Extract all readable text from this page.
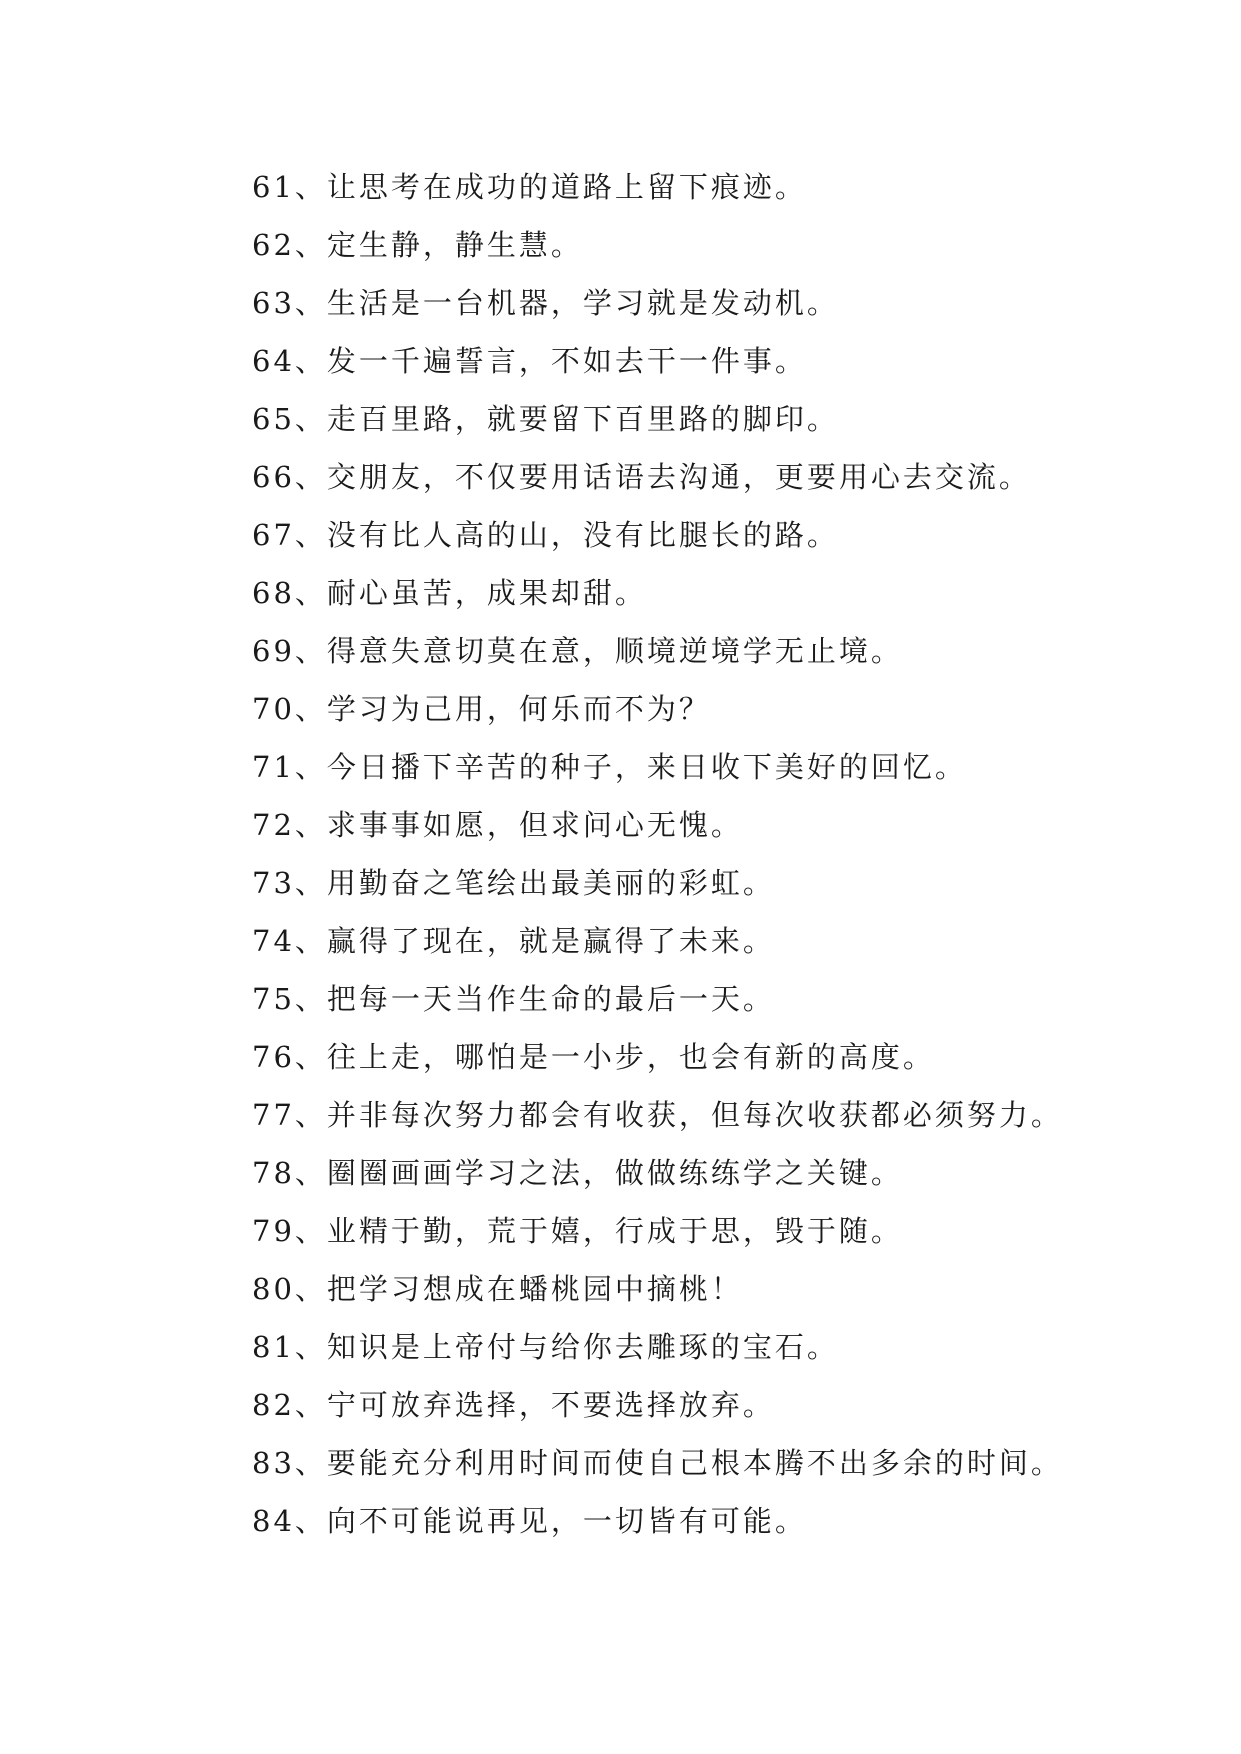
61、让思考在成功的道路上留下痕迹。
62、定生静，静生慧。
63、生活是一台机器，学习就是发动机。
64、发一千遍誓言，不如去干一件事。
65、走百里路，就要留下百里路的脚印。
66、交朋友，不仅要用话语去沟通，更要用心去交流。
67、没有比人高的山，没有比腿长的路。
68、耐心虽苦，成果却甜。
69、得意失意切莫在意，顺境逆境学无止境。
70、学习为己用，何乐而不为？
71、今日播下辛苦的种子，来日收下美好的回忆。
72、求事事如愿，但求问心无愧。
73、用勤奋之笔绘出最美丽的彩虹。
74、赢得了现在，就是赢得了未来。
75、把每一天当作生命的最后一天。
76、往上走，哪怕是一小步，也会有新的高度。
77、并非每次努力都会有收获，但每次收获都必须努力。
78、圈圈画画学习之法，做做练练学之关键。
79、业精于勤，荒于嬉，行成于思，毁于随。
80、把学习想成在蟠桃园中摘桃！
81、知识是上帝付与给你去雕琢的宝石。
82、宁可放弃选择，不要选择放弃。
83、要能充分利用时间而使自己根本腾不出多余的时间。
84、向不可能说再见，一切皆有可能。
